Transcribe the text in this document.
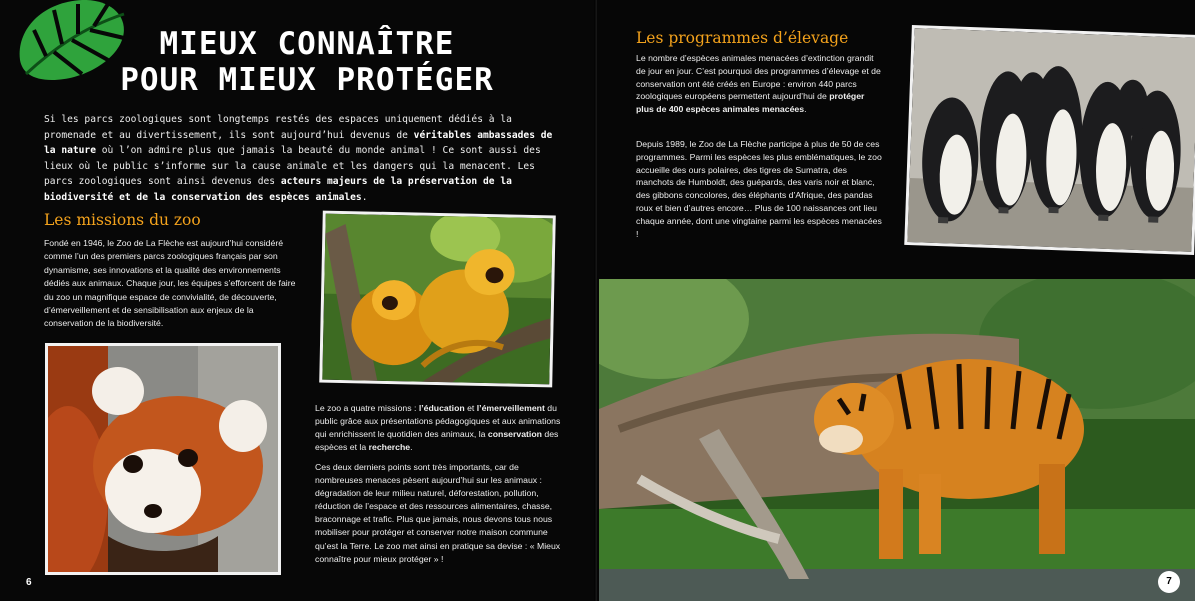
MIEUX CONNAÎTRE
POUR MIEUX PROTÉGER

Si les parcs zoologiques sont longtemps restés des espaces uniquement dédiés à la promenade et au divertissement, ils sont aujourd’hui devenus de véritables ambassades de la nature où l’on admire plus que jamais la beauté du monde animal ! Ce sont aussi des lieux où le public s’informe sur la cause animale et les dangers qui la menacent. Les parcs zoologiques sont ainsi devenus des acteurs majeurs de la préservation de la biodiversité et de la conservation des espèces animales.

Les missions du zoo

Fondé en 1946, le Zoo de La Flèche est aujourd’hui considéré comme l’un des premiers parcs zoologiques français par son dynamisme, ses innovations et la qualité des environnements dédiés aux animaux. Chaque jour, les équipes s’efforcent de faire du zoo un magnifique espace de convivialité, de découverte, d’émerveillement et de sensibilisation aux enjeux de la conservation de la biodiversité.

Le zoo a quatre missions : l’éducation et l’émerveillement du public grâce aux présentations pédagogiques et aux animations qui enrichissent le quotidien des animaux, la conservation des espèces et la recherche.

Ces deux derniers points sont très importants, car de nombreuses menaces pèsent aujourd’hui sur les animaux : dégradation de leur milieu naturel, déforestation, pollution, réduction de l’espace et des ressources alimentaires, chasse, braconnage et trafic. Plus que jamais, nous devons tous nous mobiliser pour protéger et conserver notre maison commune qu’est la Terre. Le zoo met ainsi en pratique sa devise : « Mieux connaître pour mieux protéger » !

6
Les programmes d’élevage

Le nombre d’espèces animales menacées d’extinction grandit de jour en jour. C’est pourquoi des programmes d’élevage et de conservation ont été créés en Europe : environ 440 parcs zoologiques européens permettent aujourd’hui de protéger plus de 400 espèces animales menacées.

Depuis 1989, le Zoo de La Flèche participe à plus de 50 de ces programmes. Parmi les espèces les plus emblématiques, le zoo accueille des ours polaires, des tigres de Sumatra, des manchots de Humboldt, des guépards, des varis noir et blanc, des gibbons concolores, des éléphants d’Afrique, des pandas roux et bien d’autres encore… Plus de 100 naissances ont lieu chaque année, dont une vingtaine parmi les espèces menacées !

7
